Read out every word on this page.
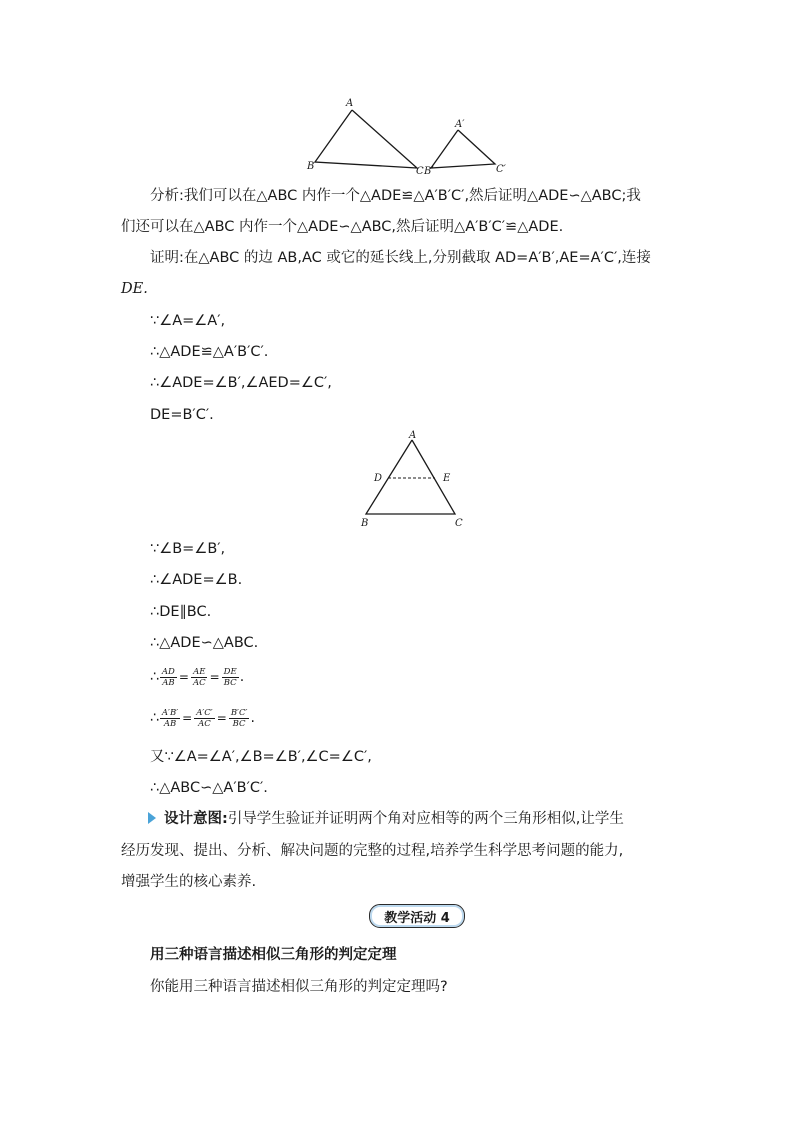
A
B	C
A′
B′	C′
分析:我们可以在△ABC 内作一个△ADE≌△A′B′C′,然后证明△ADE∽△ABC;我
们还可以在△ABC 内作一个△ADE∽△ABC,然后证明△A′B′C′≌△ADE.
证明:在△ABC 的边 AB,AC 或它的延长线上,分别截取 AD=A′B′,AE=A′C′,连接
DE.
∵∠A=∠A′,
∴△ADE≌△A′B′C′.
∴∠ADE=∠B′,∠AED=∠C′,
DE=B′C′.
A
D	E
B	C
∵∠B=∠B′,
∴∠ADE=∠B.
∴DE∥BC.
∴△ADE∽△ABC.
∴ $\frac{AD}{AB} = \frac{AE}{AC} = \frac{DE}{BC}$ .
∴ $\frac{A'B'}{AB} = \frac{A'C'}{AC} = \frac{B'C'}{BC}$ .
又∵∠A=∠A′,∠B=∠B′,∠C=∠C′,
∴△ABC∽△A′B′C′.
设计意图:引导学生验证并证明两个角对应相等的两个三角形相似,让学生
经历发现、提出、分析、解决问题的完整的过程,培养学生科学思考问题的能力,
增强学生的核心素养.
教学活动 4
用三种语言描述相似三角形的判定定理
你能用三种语言描述相似三角形的判定定理吗?
